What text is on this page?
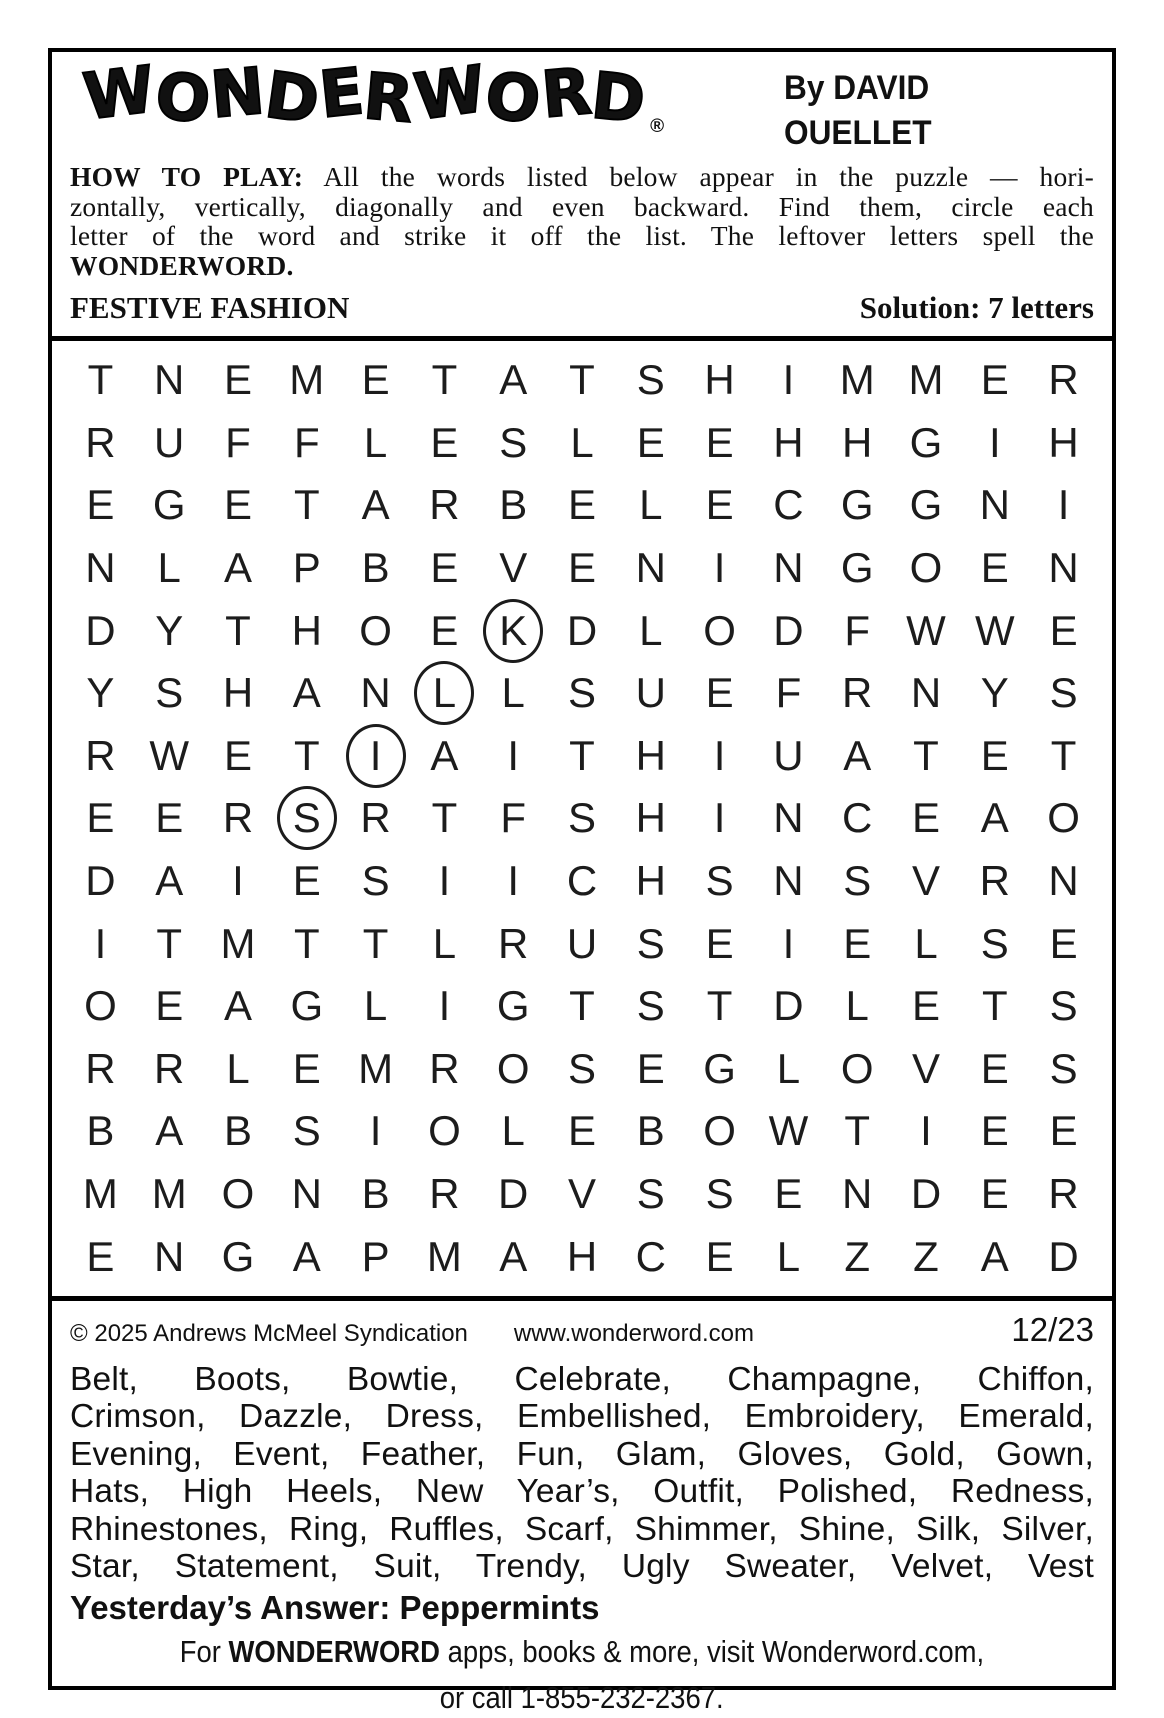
WONDERWORD ®
By DAVID
OUELLET
HOW TO PLAY: All the words listed below appear in the puzzle — hori-
zontally, vertically, diagonally and even backward. Find them, circle each
letter of the word and strike it off the list. The leftover letters spell the
WONDERWORD.
FESTIVE FASHION	Solution: 7 letters
T N E M E T A T S H	I	M M E R
R U F	F	L	E S	L	E E H H G	I	H
E G E T A R B E	L	E C G G N	I
N L	A P B E V E N	I	N G O E N
D Y T H O E K D L O D F W W E
Y S H A N L	L	S U E F R N Y S
R W E T	I	A	I	T H	I	U A T E T
E E R S R T	F S H	I	N C E A O
D A	I	E S	I	I	C H S N S V R N
I	T M T	T	L R U S E	I	E	L	S E
O E A G L	I	G T S T D L	E T S
R R L	E M R O S E G L O V E S
B A B S	I	O L	E B O W T	I	E E
M M O N B R D V S S E N D E R
E N G A P M A H C E	L	Z	Z A D
© 2025 Andrews McMeel Syndication www.wonderword.com	12/23
Belt, Boots, Bowtie, Celebrate, Champagne, Chiffon,
Crimson, Dazzle, Dress, Embellished, Embroidery, Emerald,
Evening, Event, Feather, Fun, Glam, Gloves, Gold, Gown,
Hats, High Heels, New Year’s, Outfit, Polished, Redness,
Rhinestones, Ring, Ruffles, Scarf, Shimmer, Shine, Silk, Silver,
Star, Statement, Suit, Trendy, Ugly Sweater, Velvet, Vest
Yesterday’s Answer: Peppermints
For WONDERWORD apps, books & more, visit Wonderword.com,
or call 1-855-232-2367.
